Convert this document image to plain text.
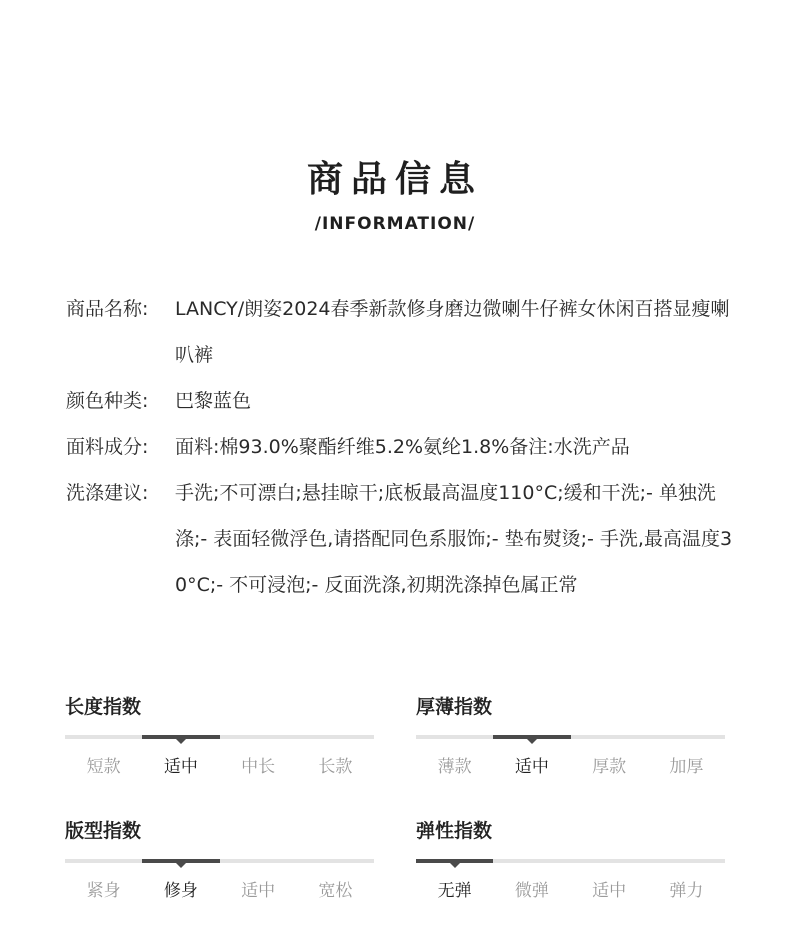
商品信息
/INFORMATION/
商品名称:	LANCY/朗姿2024春季新款修身磨边微喇牛仔裤女休闲百搭显瘦喇叭裤
颜色种类:	巴黎蓝色
面料成分:	面料:棉93.0%聚酯纤维5.2%氨纶1.8%备注:水洗产品
洗涤建议:	手洗;不可漂白;悬挂晾干;底板最高温度110°C;缓和干洗;- 单独洗涤;- 表面轻微浮色,请搭配同色系服饰;- 垫布熨烫;- 手洗,最高温度30°C;- 不可浸泡;- 反面洗涤,初期洗涤掉色属正常
长度指数
短款	适中	中长	长款
厚薄指数
薄款	适中	厚款	加厚
版型指数
紧身	修身	适中	宽松
弹性指数
无弹	微弹	适中	弹力
